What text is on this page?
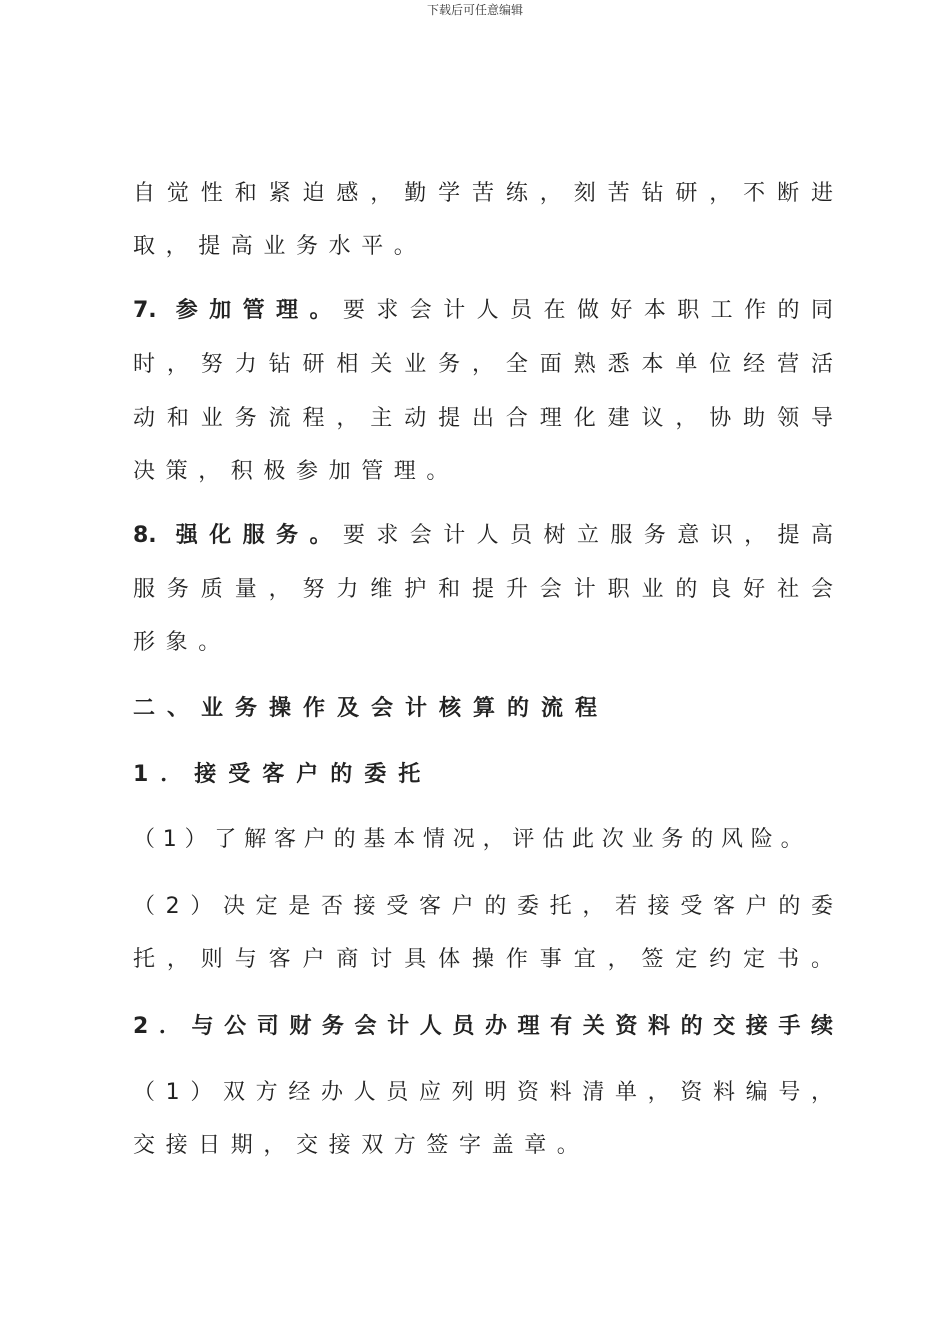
下载后可任意编辑
自觉性和紧迫感，勤学苦练，刻苦钻研，不断进
取，提高业务水平。
7. 参加管理。要求会计人员在做好本职工作的同
时，努力钻研相关业务，全面熟悉本单位经营活
动和业务流程，主动提出合理化建议，协助领导
决策，积极参加管理。
8. 强化服务。要求会计人员树立服务意识，提高
服务质量，努力维护和提升会计职业的良好社会
形象。
二、业务操作及会计核算的流程
1．接受客户的委托
（1）了解客户的基本情况，评估此次业务的风险。
（2）决定是否接受客户的委托，若接受客户的委
托，则与客户商讨具体操作事宜，签定约定书。
2．与公司财务会计人员办理有关资料的交接手续
（1）双方经办人员应列明资料清单，资料编号，
交接日期，交接双方签字盖章。
